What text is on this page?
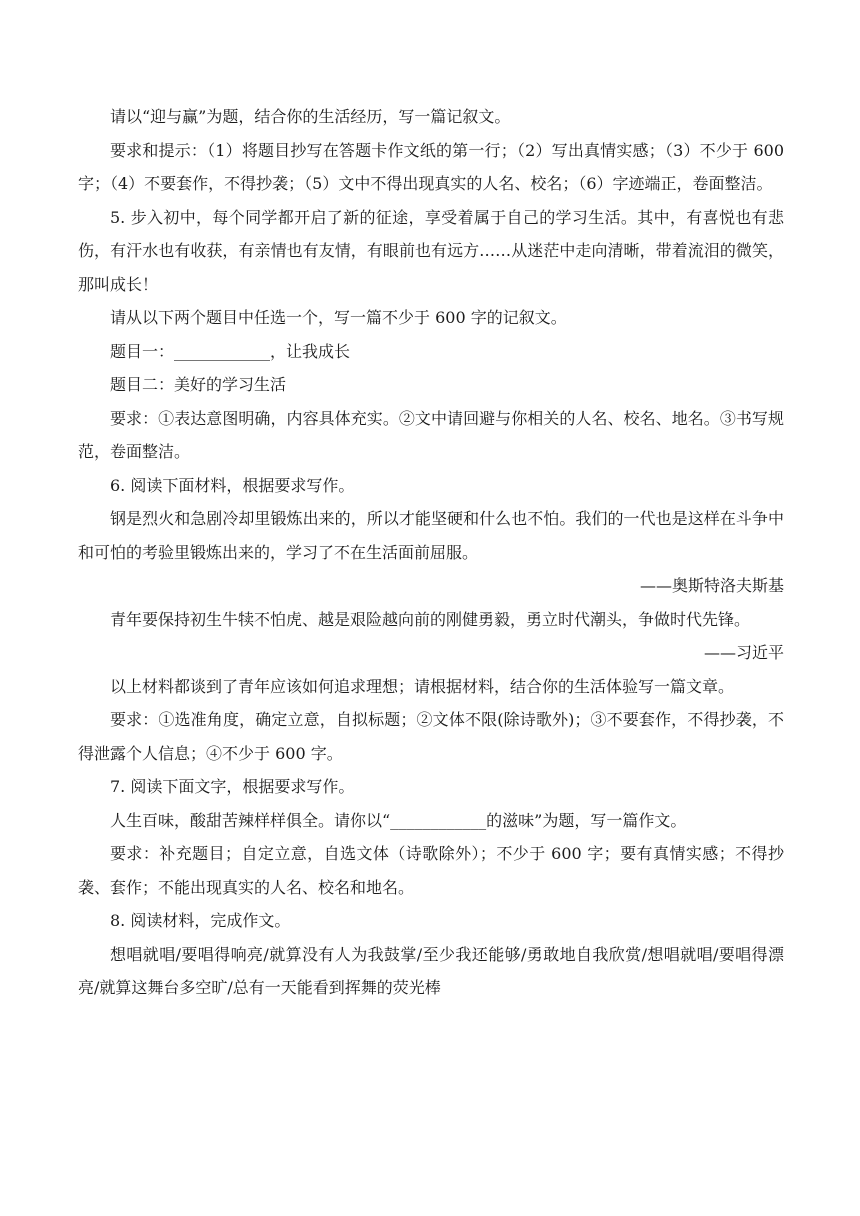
请以“迎与赢”为题，结合你的生活经历，写一篇记叙文。

要求和提示：（1）将题目抄写在答题卡作文纸的第一行；（2）写出真情实感；（3）不少于 600 字；（4）不要套作，不得抄袭；（5）文中不得出现真实的人名、校名；（6）字迹端正，卷面整洁。

5. 步入初中，每个同学都开启了新的征途，享受着属于自己的学习生活。其中，有喜悦也有悲伤，有汗水也有收获，有亲情也有友情，有眼前也有远方……从迷茫中走向清晰，带着流泪的微笑，那叫成长！

请从以下两个题目中任选一个，写一篇不少于 600 字的记叙文。

题目一：____________，让我成长

题目二：美好的学习生活

要求：①表达意图明确，内容具体充实。②文中请回避与你相关的人名、校名、地名。③书写规范，卷面整洁。

6. 阅读下面材料，根据要求写作。

钢是烈火和急剧冷却里锻炼出来的，所以才能坚硬和什么也不怕。我们的一代也是这样在斗争中和可怕的考验里锻炼出来的，学习了不在生活面前屈服。

——奥斯特洛夫斯基

青年要保持初生牛犊不怕虎、越是艰险越向前的刚健勇毅，勇立时代潮头，争做时代先锋。

——习近平

以上材料都谈到了青年应该如何追求理想；请根据材料，结合你的生活体验写一篇文章。

要求：①选准角度，确定立意，自拟标题；②文体不限(除诗歌外)；③不要套作，不得抄袭，不得泄露个人信息；④不少于 600 字。

7. 阅读下面文字，根据要求写作。

人生百味，酸甜苦辣样样俱全。请你以“____________的滋味”为题，写一篇作文。

要求：补充题目；自定立意，自选文体（诗歌除外）；不少于 600 字；要有真情实感；不得抄袭、套作；不能出现真实的人名、校名和地名。

8. 阅读材料，完成作文。

想唱就唱/要唱得响亮/就算没有人为我鼓掌/至少我还能够/勇敢地自我欣赏/想唱就唱/要唱得漂亮/就算这舞台多空旷/总有一天能看到挥舞的荧光棒
